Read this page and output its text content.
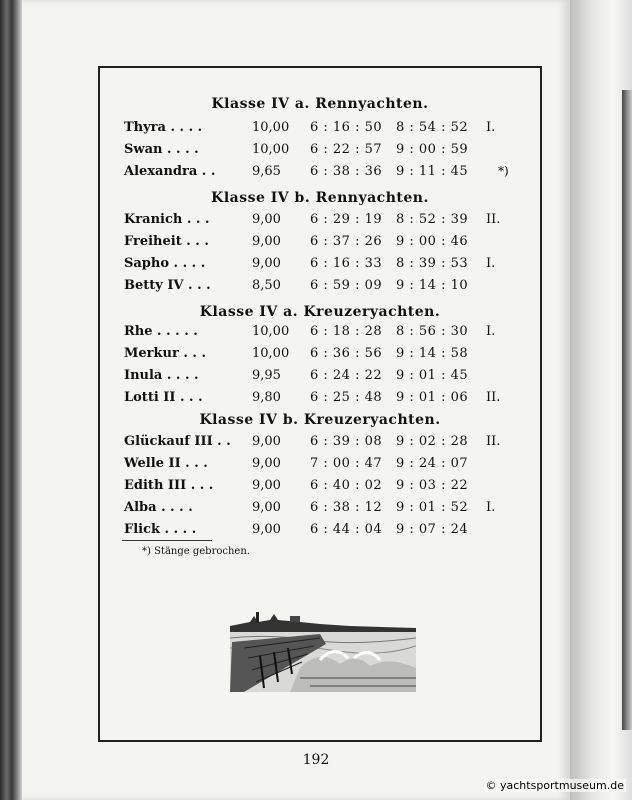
Klasse IV a. Rennyachten.
Thyra . . . .	10,00 6 : 16 : 50 8 : 54 : 52 I.
Swan . . . .	10,00 6 : 22 : 57 9 : 00 : 59
Alexandra . .	9,65 6 : 38 : 36 9 : 11 : 45 *)
Klasse IV b. Rennyachten.
Kranich . . .	9,00 6 : 29 : 19 8 : 52 : 39 II.
Freiheit . . .	9,00 6 : 37 : 26 9 : 00 : 46
Sapho . . . .	9,00 6 : 16 : 33 8 : 39 : 53 I.
Betty IV . . .	8,50 6 : 59 : 09 9 : 14 : 10
Klasse IV a. Kreuzeryachten.
Rhe . . . . .	10,00 6 : 18 : 28 8 : 56 : 30 I.
Merkur . . .	10,00 6 : 36 : 56 9 : 14 : 58
Inula . . . .	9,95 6 : 24 : 22 9 : 01 : 45
Lotti II . . .	9,80 6 : 25 : 48 9 : 01 : 06 II.
Klasse IV b. Kreuzeryachten.
Glückauf III . . 9,00 6 : 39 : 08 9 : 02 : 28 II.
Welle II . . .	9,00 7 : 00 : 47 9 : 24 : 07
Edith III . . .	9,00 6 : 40 : 02 9 : 03 : 22
Alba . . . .	9,00 6 : 38 : 12 9 : 01 : 52 I.
Flick . . . .	9,00 6 : 44 : 04 9 : 07 : 24
*) Stänge gebrochen.
192
© yachtsportmuseum.de
